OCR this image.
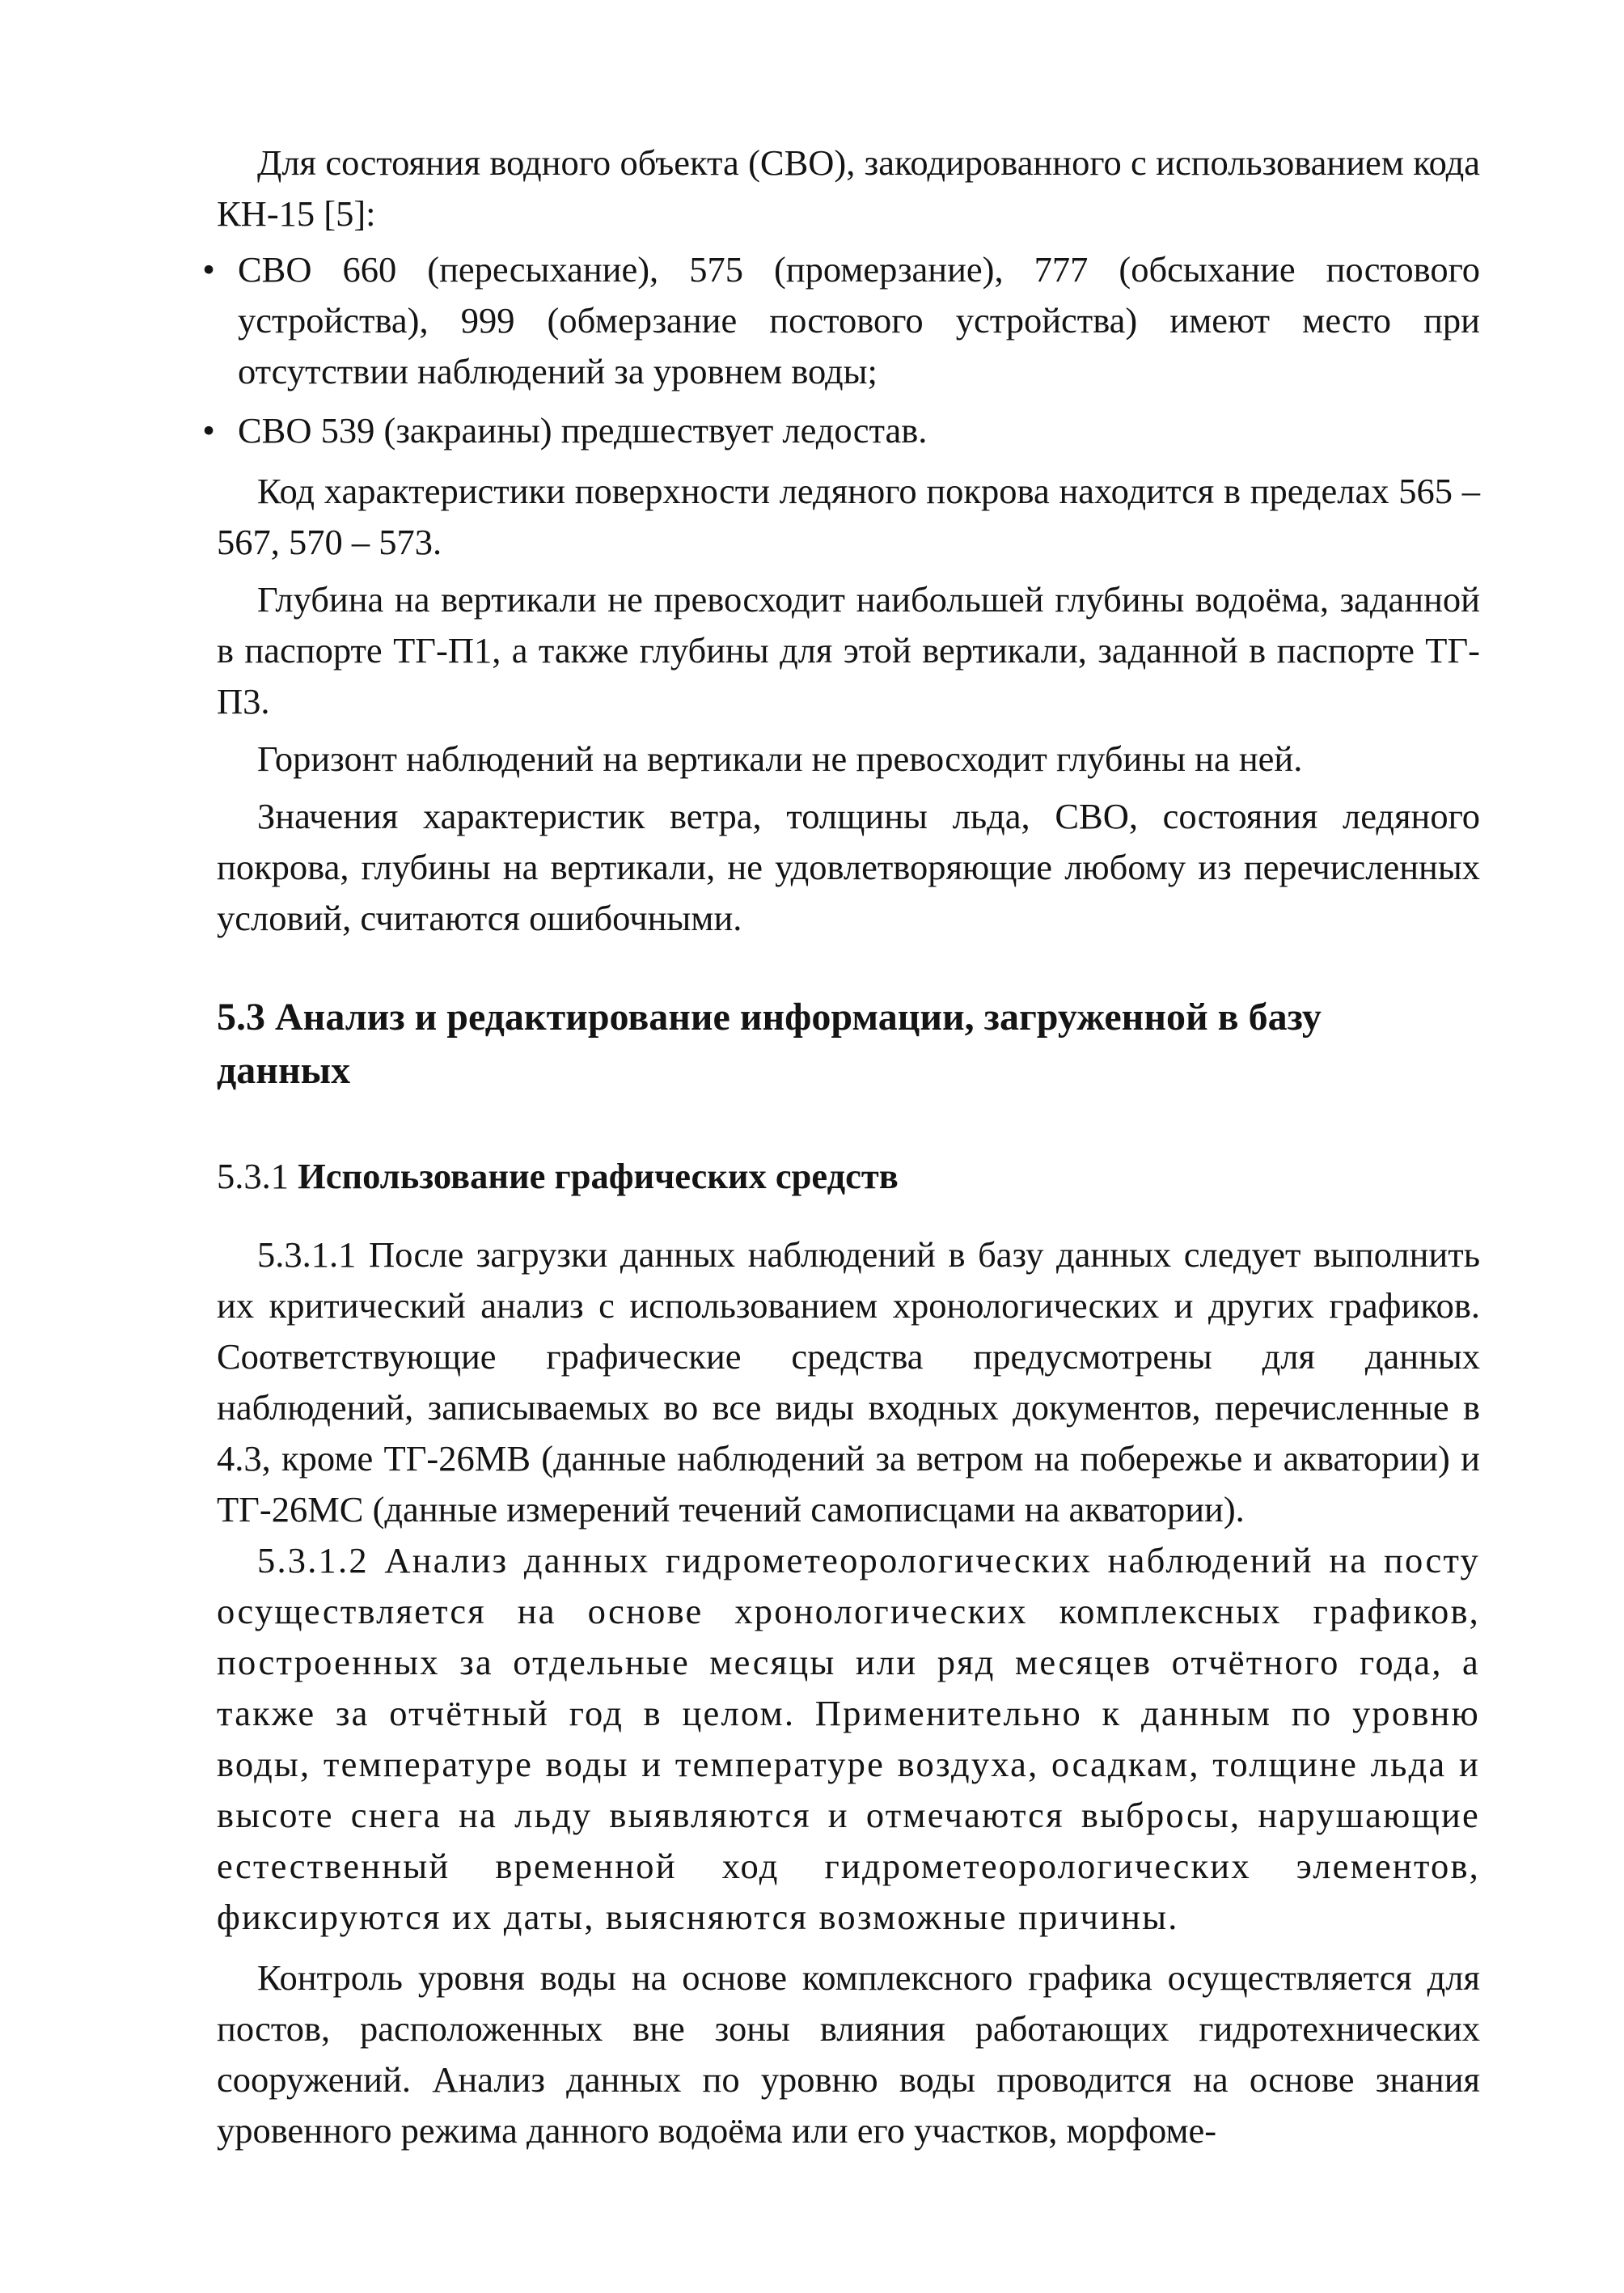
Для состояния водного объекта (СВО), закодированного с использованием кода КН-15 [5]:

• СВО 660 (пересыхание), 575 (промерзание), 777 (обсыхание постового устройства), 999 (обмерзание постового устройства) имеют место при отсутствии наблюдений за уровнем воды;
• СВО 539 (закраины) предшествует ледостав.

Код характеристики поверхности ледяного покрова находится в пределах 565 – 567, 570 – 573.

Глубина на вертикали не превосходит наибольшей глубины водоёма, заданной в паспорте ТГ-П1, а также глубины для этой вертикали, заданной в паспорте ТГ-П3.

Горизонт наблюдений на вертикали не превосходит глубины на ней.

Значения характеристик ветра, толщины льда, СВО, состояния ледяного покрова, глубины на вертикали, не удовлетворяющие любому из перечисленных условий, считаются ошибочными.

5.3 Анализ и редактирование информации, загруженной в базу данных
5.3.1 Использование графических средств

5.3.1.1 После загрузки данных наблюдений в базу данных следует выполнить их критический анализ с использованием хронологических и других графиков. Соответствующие графические средства предусмотрены для данных наблюдений, записываемых во все виды входных документов, перечисленные в 4.3, кроме ТГ-26МВ (данные наблюдений за ветром на побережье и акватории) и ТГ-26МС (данные измерений течений самописцами на акватории).

5.3.1.2 Анализ данных гидрометеорологических наблюдений на посту осуществляется на основе хронологических комплексных графиков, построенных за отдельные месяцы или ряд месяцев отчётного года, а также за отчётный год в целом. Применительно к данным по уровню воды, температуре воды и температуре воздуха, осадкам, толщине льда и высоте снега на льду выявляются и отмечаются выбросы, нарушающие естественный временной ход гидрометеорологических элементов, фиксируются их даты, выясняются возможные причины.

Контроль уровня воды на основе комплексного графика осуществляется для постов, расположенных вне зоны влияния работающих гидротехнических сооружений. Анализ данных по уровню воды проводится на основе знания уровенного режима данного водоёма или его участков, морфоме-
